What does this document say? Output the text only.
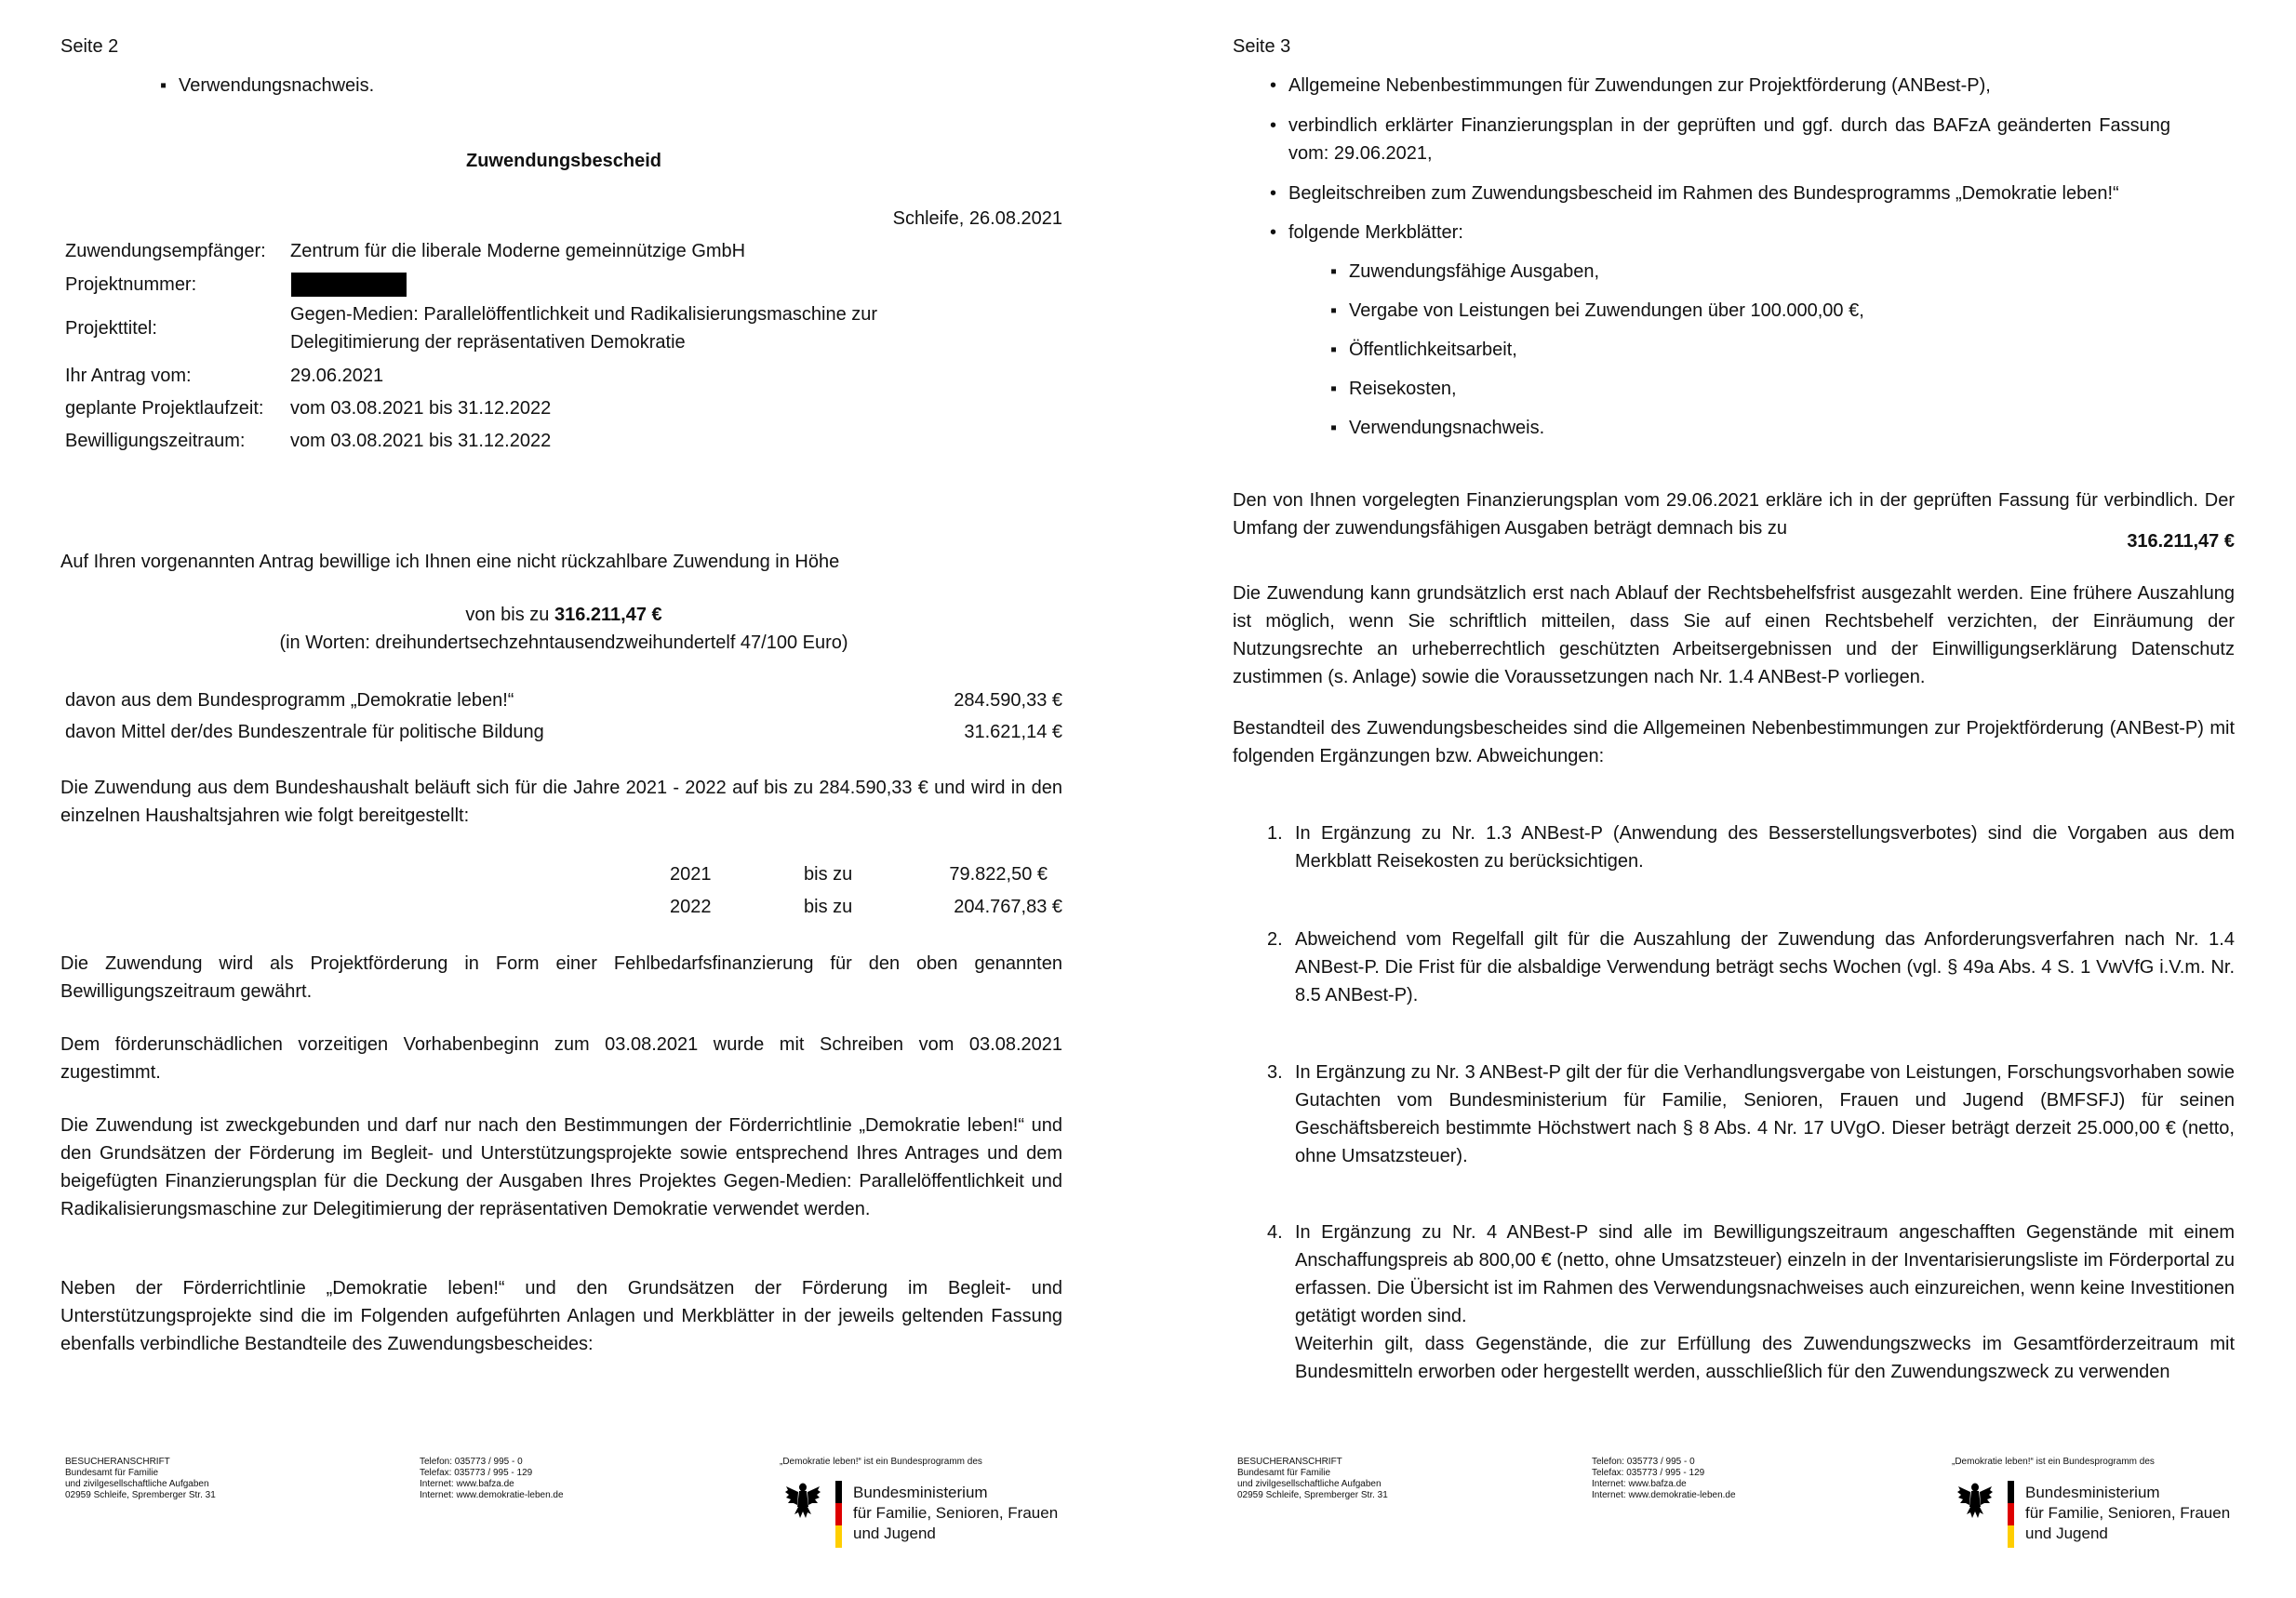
Seite 2
▪ Verwendungsnachweis.
Zuwendungsbescheid
Schleife, 26.08.2021
Zuwendungsempfänger: Zentrum für die liberale Moderne gemeinnützige GmbH
Projektnummer:
Projekttitel:
Gegen-Medien: Parallelöffentlichkeit und Radikalisierungsmaschine zur Delegitimierung der repräsentativen Demokratie
Ihr Antrag vom:	29.06.2021
geplante Projektlaufzeit: vom 03.08.2021 bis 31.12.2022
Bewilligungszeitraum: vom 03.08.2021 bis 31.12.2022
Auf Ihren vorgenannten Antrag bewillige ich Ihnen eine nicht rückzahlbare Zuwendung in Höhe
von bis zu 316.211,47 €
(in Worten: dreihundertsechzehntausendzweihundertelf 47/100 Euro)
davon aus dem Bundesprogramm „Demokratie leben!“	284.590,33 €
davon Mittel der/des Bundeszentrale für politische Bildung	31.621,14 €
Die Zuwendung aus dem Bundeshaushalt beläuft sich für die Jahre 2021 - 2022 auf bis zu 284.590,33 € und wird in den einzelnen Haushaltsjahren wie folgt bereitgestellt:
2021	bis zu	79.822,50 €
2022	bis zu	204.767,83 €
Die Zuwendung wird als Projektförderung in Form einer Fehlbedarfsfinanzierung für den oben genannten Bewilligungszeitraum gewährt.
Dem förderunschädlichen vorzeitigen Vorhabenbeginn zum 03.08.2021 wurde mit Schreiben vom 03.08.2021 zugestimmt.
Die Zuwendung ist zweckgebunden und darf nur nach den Bestimmungen der Förderrichtlinie „Demokratie leben!“ und den Grundsätzen der Förderung im Begleit- und Unterstützungsprojekte sowie entsprechend Ihres Antrages und dem beigefügten Finanzierungsplan für die Deckung der Ausgaben Ihres Projektes Gegen-Medien: Parallelöffentlichkeit und Radikalisierungsmaschine zur Delegitimierung der repräsentativen Demokratie verwendet werden.
Neben der Förderrichtlinie „Demokratie leben!“ und den Grundsätzen der Förderung im Begleit- und Unterstützungsprojekte sind die im Folgenden aufgeführten Anlagen und Merkblätter in der jeweils geltenden Fassung ebenfalls verbindliche Bestandteile des Zuwendungsbescheides:
BESUCHERANSCHRIFT
Bundesamt für Familie
und zivilgesellschaftliche Aufgaben
02959 Schleife, Spremberger Str. 31
Telefon: 035773 / 995 - 0
Telefax: 035773 / 995 - 129
Internet: www.bafza.de
Internet: www.demokratie-leben.de
„Demokratie leben!“ ist ein Bundesprogramm des
Bundesministerium
für Familie, Senioren, Frauen
und Jugend
Seite 3
• Allgemeine Nebenbestimmungen für Zuwendungen zur Projektförderung (ANBest-P),
• verbindlich erklärter Finanzierungsplan in der geprüften und ggf. durch das BAFzA geänderten Fassung vom: 29.06.2021,
• Begleitschreiben zum Zuwendungsbescheid im Rahmen des Bundesprogramms „Demokratie leben!“
• folgende Merkblätter:
▪ Zuwendungsfähige Ausgaben,
▪ Vergabe von Leistungen bei Zuwendungen über 100.000,00 €,
▪ Öffentlichkeitsarbeit,
▪ Reisekosten,
▪ Verwendungsnachweis.
Den von Ihnen vorgelegten Finanzierungsplan vom 29.06.2021 erkläre ich in der geprüften Fassung für verbindlich. Der Umfang der zuwendungsfähigen Ausgaben beträgt demnach bis zu
316.211,47 €
Die Zuwendung kann grundsätzlich erst nach Ablauf der Rechtsbehelfsfrist ausgezahlt werden. Eine frühere Auszahlung ist möglich, wenn Sie schriftlich mitteilen, dass Sie auf einen Rechtsbehelf verzichten, der Einräumung der Nutzungsrechte an urheberrechtlich geschützten Arbeitsergebnissen und der Einwilligungserklärung Datenschutz zustimmen (s. Anlage) sowie die Voraussetzungen nach Nr. 1.4 ANBest-P vorliegen.
Bestandteil des Zuwendungsbescheides sind die Allgemeinen Nebenbestimmungen zur Projektförderung (ANBest-P) mit folgenden Ergänzungen bzw. Abweichungen:
1. In Ergänzung zu Nr. 1.3 ANBest-P (Anwendung des Besserstellungsverbotes) sind die Vorgaben aus dem Merkblatt Reisekosten zu berücksichtigen.
2. Abweichend vom Regelfall gilt für die Auszahlung der Zuwendung das Anforderungsverfahren nach Nr. 1.4 ANBest-P. Die Frist für die alsbaldige Verwendung beträgt sechs Wochen (vgl. § 49a Abs. 4 S. 1 VwVfG i.V.m. Nr. 8.5 ANBest-P).
3. In Ergänzung zu Nr. 3 ANBest-P gilt der für die Verhandlungsvergabe von Leistungen, Forschungsvorhaben sowie Gutachten vom Bundesministerium für Familie, Senioren, Frauen und Jugend (BMFSFJ) für seinen Geschäftsbereich bestimmte Höchstwert nach § 8 Abs. 4 Nr. 17 UVgO. Dieser beträgt derzeit 25.000,00 € (netto, ohne Umsatzsteuer).
4. In Ergänzung zu Nr. 4 ANBest-P sind alle im Bewilligungszeitraum angeschafften Gegenstände mit einem Anschaffungspreis ab 800,00 € (netto, ohne Umsatzsteuer) einzeln in der Inventarisierungsliste im Förderportal zu erfassen. Die Übersicht ist im Rahmen des Verwendungsnachweises auch einzureichen, wenn keine Investitionen getätigt worden sind.
Weiterhin gilt, dass Gegenstände, die zur Erfüllung des Zuwendungszwecks im Gesamtförderzeitraum mit Bundesmitteln erworben oder hergestellt werden, ausschließlich für den Zuwendungszweck zu verwenden
BESUCHERANSCHRIFT
Bundesamt für Familie
und zivilgesellschaftliche Aufgaben
02959 Schleife, Spremberger Str. 31
Telefon: 035773 / 995 - 0
Telefax: 035773 / 995 - 129
Internet: www.bafza.de
Internet: www.demokratie-leben.de
„Demokratie leben!“ ist ein Bundesprogramm des
Bundesministerium
für Familie, Senioren, Frauen
und Jugend
